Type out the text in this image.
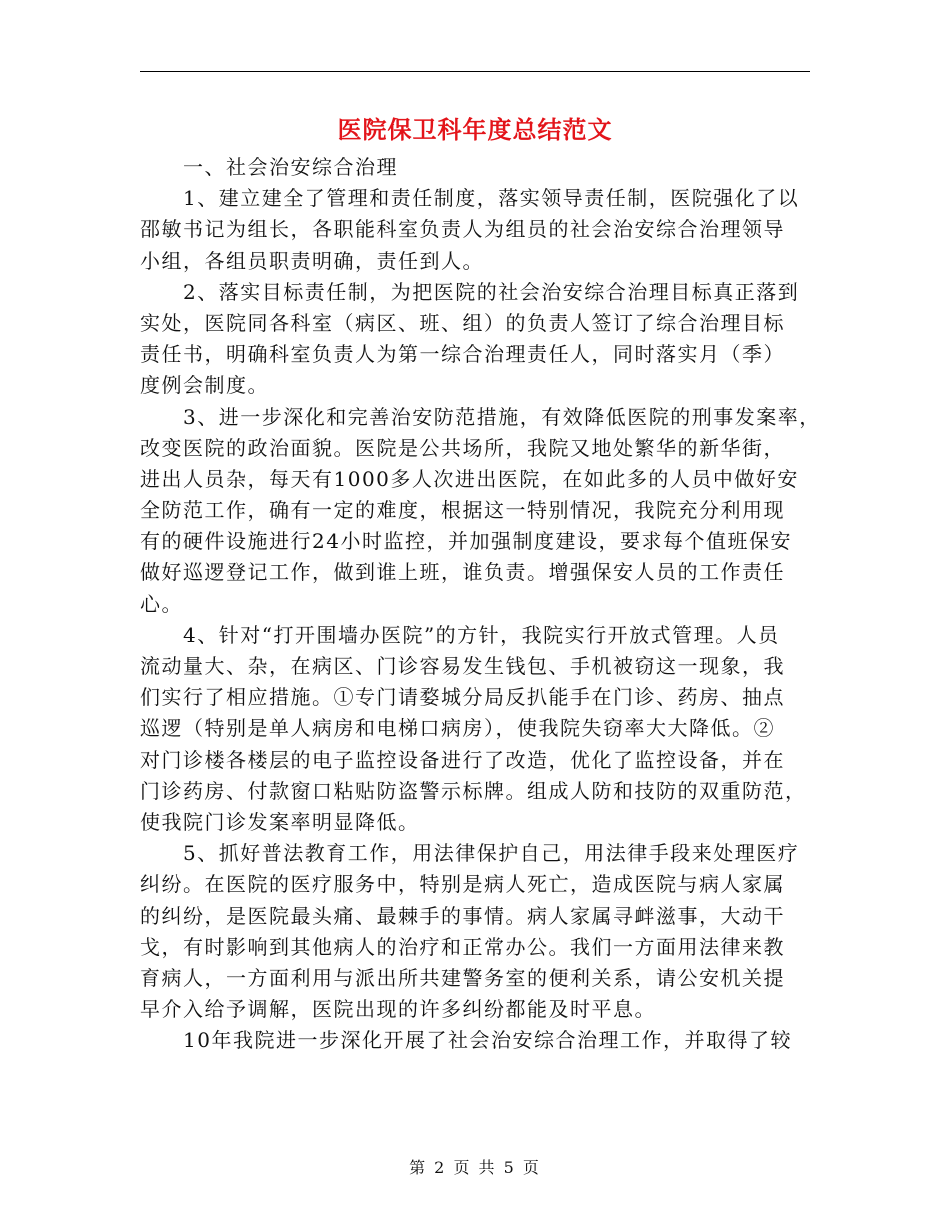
医院保卫科年度总结范文
　　一、社会治安综合治理
　　1、建立建全了管理和责任制度，落实领导责任制，医院强化了以
邵敏书记为组长，各职能科室负责人为组员的社会治安综合治理领导
小组，各组员职责明确，责任到人。
　　2、落实目标责任制，为把医院的社会治安综合治理目标真正落到
实处，医院同各科室（病区、班、组）的负责人签订了综合治理目标
责任书，明确科室负责人为第一综合治理责任人，同时落实月（季）
度例会制度。
　　3、进一步深化和完善治安防范措施，有效降低医院的刑事发案率，
改变医院的政治面貌。医院是公共场所，我院又地处繁华的新华街，
进出人员杂，每天有1000多人次进出医院，在如此多的人员中做好安
全防范工作，确有一定的难度，根据这一特别情况，我院充分利用现
有的硬件设施进行24小时监控，并加强制度建设，要求每个值班保安
做好巡逻登记工作，做到谁上班，谁负责。增强保安人员的工作责任
心。
　　4、针对“打开围墙办医院”的方针，我院实行开放式管理。人员
流动量大、杂，在病区、门诊容易发生钱包、手机被窃这一现象，我
们实行了相应措施。①专门请婺城分局反扒能手在门诊、药房、抽点
巡逻（特别是单人病房和电梯口病房），使我院失窃率大大降低。②
对门诊楼各楼层的电子监控设备进行了改造，优化了监控设备，并在
门诊药房、付款窗口粘贴防盗警示标牌。组成人防和技防的双重防范，
使我院门诊发案率明显降低。
　　5、抓好普法教育工作，用法律保护自己，用法律手段来处理医疗
纠纷。在医院的医疗服务中，特别是病人死亡，造成医院与病人家属
的纠纷，是医院最头痛、最棘手的事情。病人家属寻衅滋事，大动干
戈，有时影响到其他病人的治疗和正常办公。我们一方面用法律来教
育病人，一方面利用与派出所共建警务室的便利关系，请公安机关提
早介入给予调解，医院出现的许多纠纷都能及时平息。
　　10年我院进一步深化开展了社会治安综合治理工作，并取得了较
第 2 页 共 5 页
